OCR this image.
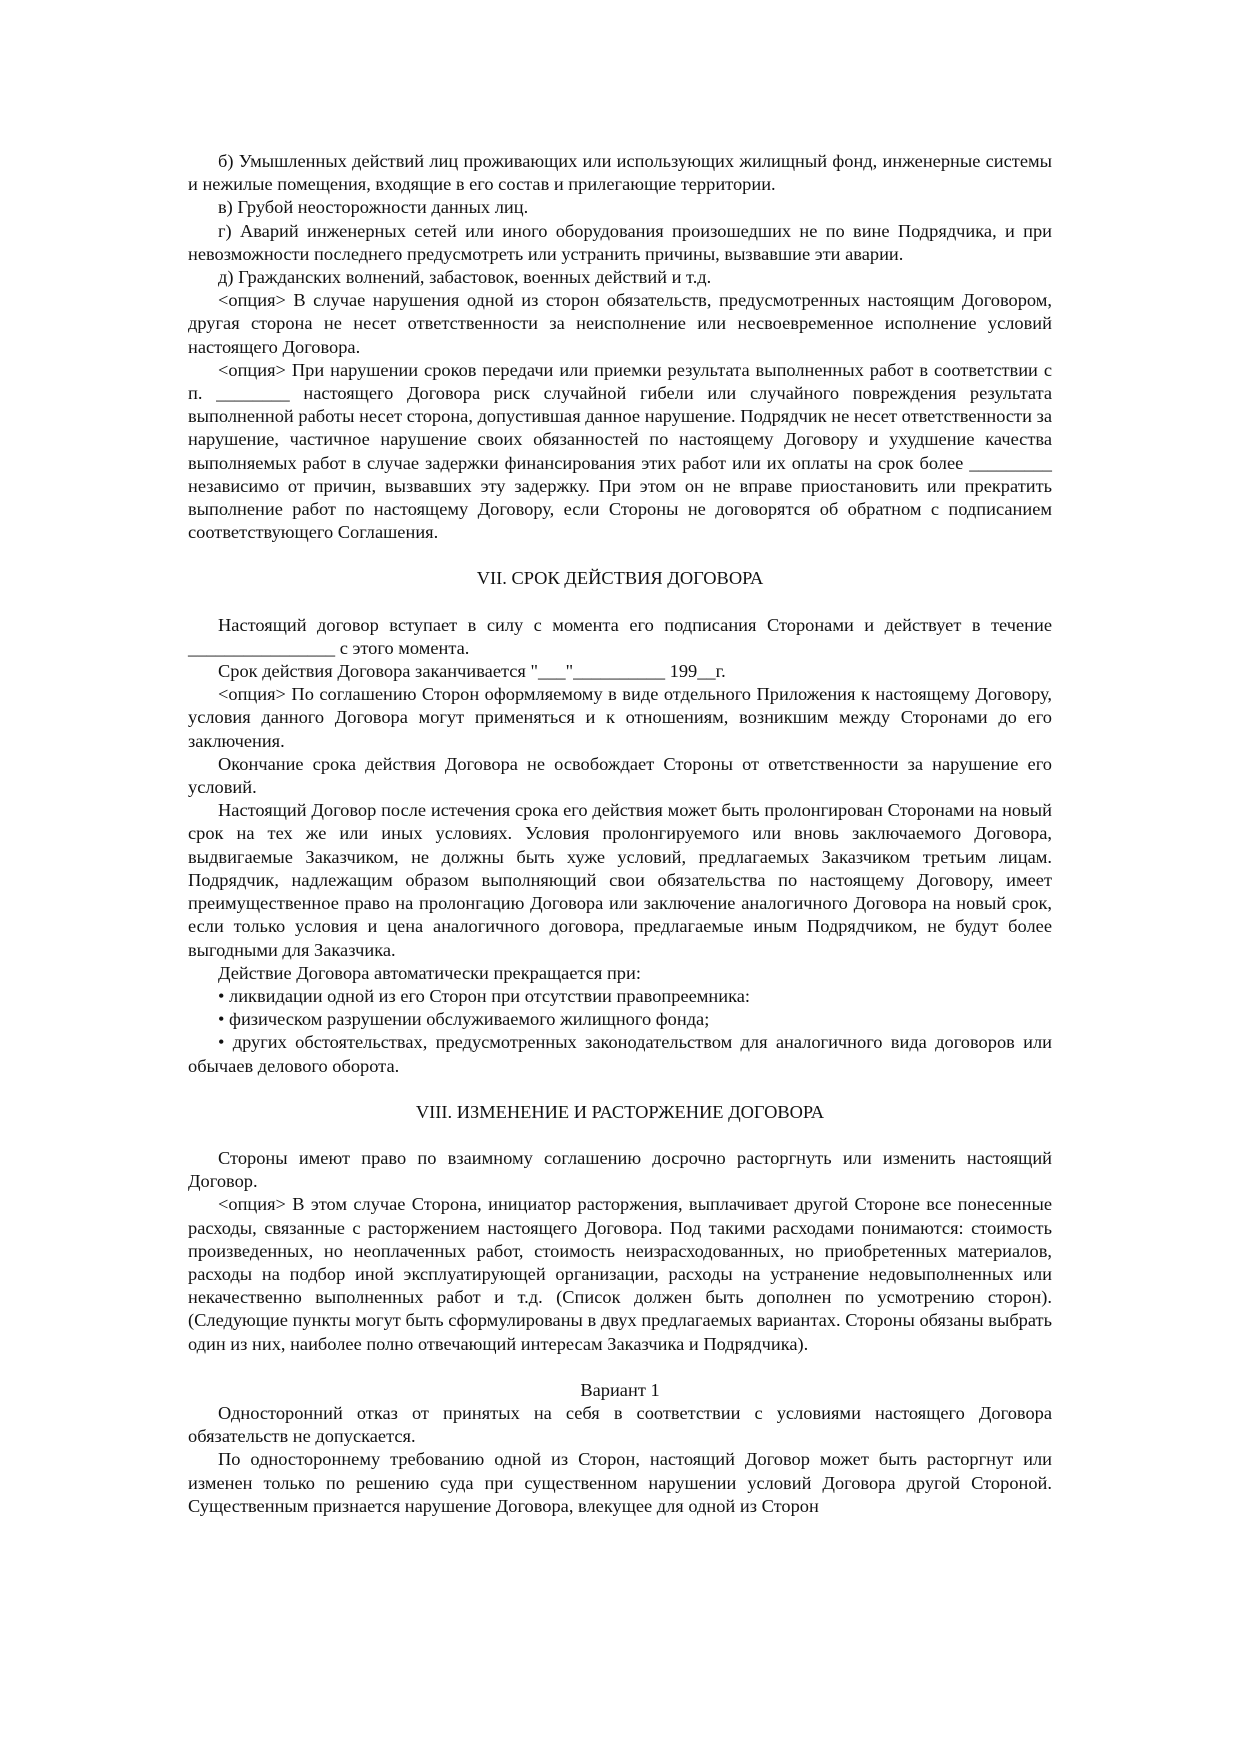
б) Умышленных действий лиц проживающих или использующих жилищный фонд, инженерные системы и нежилые помещения, входящие в его состав и прилегающие территории.

в) Грубой неосторожности данных лиц.

г) Аварий инженерных сетей или иного оборудования произошедших не по вине Подрядчика, и при невозможности последнего предусмотреть или устранить причины, вызвавшие эти аварии.

д) Гражданских волнений, забастовок, военных действий и т.д.

<опция> В случае нарушения одной из сторон обязательств, предусмотренных настоящим Договором, другая сторона не несет ответственности за неисполнение или несвоевременное исполнение условий настоящего Договора.

<опция> При нарушении сроков передачи или приемки результата выполненных работ в соответствии с п. ________ настоящего Договора риск случайной гибели или случайного повреждения результата выполненной работы несет сторона, допустившая данное нарушение. Подрядчик не несет ответственности за нарушение, частичное нарушение своих обязанностей по настоящему Договору и ухудшение качества выполняемых работ в случае задержки финансирования этих работ или их оплаты на срок более _________ независимо от причин, вызвавших эту задержку. При этом он не вправе приостановить или прекратить выполнение работ по настоящему Договору, если Стороны не договорятся об обратном с подписанием соответствующего Соглашения.

VII. СРОК ДЕЙСТВИЯ ДОГОВОРА

Настоящий договор вступает в силу с момента его подписания Сторонами и действует в течение ________________ с этого момента.

Срок действия Договора заканчивается "___"__________ 199__г.

<опция> По соглашению Сторон оформляемому в виде отдельного Приложения к настоящему Договору, условия данного Договора могут применяться и к отношениям, возникшим между Сторонами до его заключения.

Окончание срока действия Договора не освобождает Стороны от ответственности за нарушение его условий.

Настоящий Договор после истечения срока его действия может быть пролонгирован Сторонами на новый срок на тех же или иных условиях. Условия пролонгируемого или вновь заключаемого Договора, выдвигаемые Заказчиком, не должны быть хуже условий, предлагаемых Заказчиком третьим лицам. Подрядчик, надлежащим образом выполняющий свои обязательства по настоящему Договору, имеет преимущественное право на пролонгацию Договора или заключение аналогичного Договора на новый срок, если только условия и цена аналогичного договора, предлагаемые иным Подрядчиком, не будут более выгодными для Заказчика.

Действие Договора автоматически прекращается при:

• ликвидации одной из его Сторон при отсутствии правопреемника:

• физическом разрушении обслуживаемого жилищного фонда;

• других обстоятельствах, предусмотренных законодательством для аналогичного вида договоров или обычаев делового оборота.

VIII. ИЗМЕНЕНИЕ И РАСТОРЖЕНИЕ ДОГОВОРА

Стороны имеют право по взаимному соглашению досрочно расторгнуть или изменить настоящий Договор.

<опция> В этом случае Сторона, инициатор расторжения, выплачивает другой Стороне все понесенные расходы, связанные с расторжением настоящего Договора. Под такими расходами понимаются: стоимость произведенных, но неоплаченных работ, стоимость неизрасходованных, но приобретенных материалов, расходы на подбор иной эксплуатирующей организации, расходы на устранение недовыполненных или некачественно выполненных работ и т.д. (Список должен быть дополнен по усмотрению сторон). (Следующие пункты могут быть сформулированы в двух предлагаемых вариантах. Стороны обязаны выбрать один из них, наиболее полно отвечающий интересам Заказчика и Подрядчика).

Вариант 1

Односторонний отказ от принятых на себя в соответствии с условиями настоящего Договора обязательств не допускается.

По одностороннему требованию одной из Сторон, настоящий Договор может быть расторгнут или изменен только по решению суда при существенном нарушении условий Договора другой Стороной. Существенным признается нарушение Договора, влекущее для одной из Сторон
